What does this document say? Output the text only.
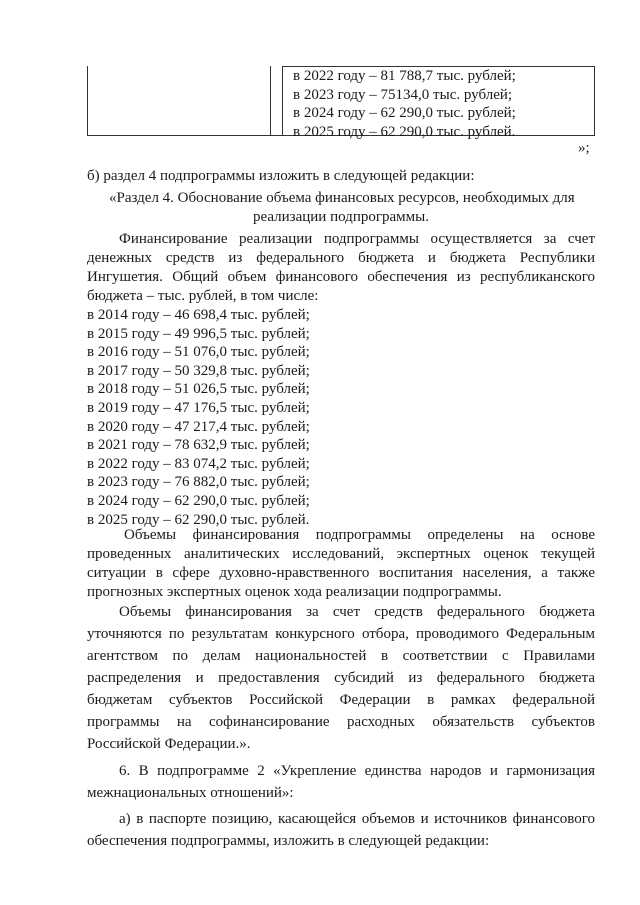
в 2022 году – 81 788,7 тыс. рублей;
в 2023 году – 75134,0 тыс. рублей;
в 2024 году – 62 290,0 тыс. рублей;
в 2025 году – 62 290,0 тыс. рублей.
»;
б) раздел 4 подпрограммы изложить в следующей редакции:
«Раздел 4. Обоснование объема финансовых ресурсов, необходимых для
реализации подпрограммы.
Финансирование реализации подпрограммы осуществляется за счет
денежных средств из федерального бюджета и бюджета Республики
Ингушетия. Общий объем финансового обеспечения из республиканского
бюджета – тыс. рублей, в том числе:
в 2014 году – 46 698,4 тыс. рублей;
в 2015 году – 49 996,5 тыс. рублей;
в 2016 году – 51 076,0 тыс. рублей;
в 2017 году – 50 329,8 тыс. рублей;
в 2018 году – 51 026,5 тыс. рублей;
в 2019 году – 47 176,5 тыс. рублей;
в 2020 году – 47 217,4 тыс. рублей;
в 2021 году – 78 632,9 тыс. рублей;
в 2022 году – 83 074,2 тыс. рублей;
в 2023 году – 76 882,0 тыс. рублей;
в 2024 году – 62 290,0 тыс. рублей;
в 2025 году – 62 290,0 тыс. рублей.
Объемы финансирования подпрограммы определены на основе
проведенных аналитических исследований, экспертных оценок текущей
ситуации в сфере духовно-нравственного воспитания населения, а также
прогнозных экспертных оценок хода реализации подпрограммы.
Объемы финансирования за счет средств федерального бюджета
уточняются по результатам конкурсного отбора, проводимого Федеральным
агентством по делам национальностей в соответствии с Правилами
распределения и предоставления субсидий из федерального бюджета
бюджетам субъектов Российской Федерации в рамках федеральной
программы на софинансирование расходных обязательств субъектов
Российской Федерации.».
6. В подпрограмме 2 «Укрепление единства народов и гармонизация
межнациональных отношений»:
а) в паспорте позицию, касающейся объемов и источников финансового
обеспечения подпрограммы, изложить в следующей редакции:
